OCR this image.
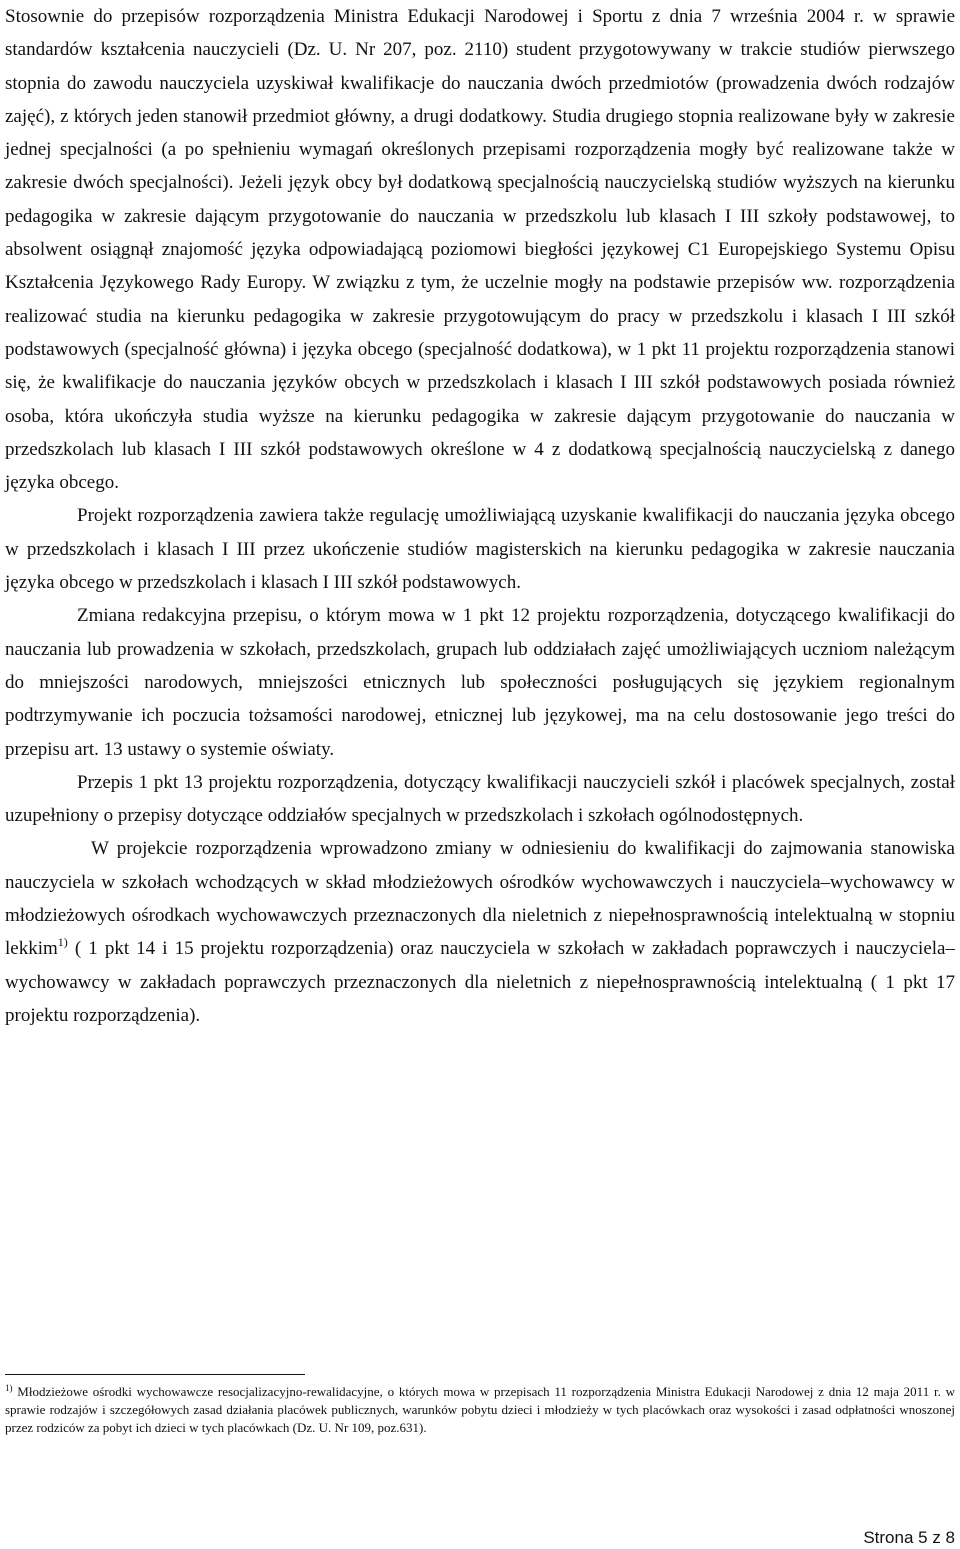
Stosownie do przepisów rozporządzenia Ministra Edukacji Narodowej i Sportu z dnia 7 września 2004 r. w sprawie standardów kształcenia nauczycieli (Dz. U. Nr 207, poz. 2110) student przygotowywany w trakcie studiów pierwszego stopnia do zawodu nauczyciela uzyskiwał kwalifikacje do nauczania dwóch przedmiotów (prowadzenia dwóch rodzajów zajęć), z których jeden stanowił przedmiot główny, a drugi dodatkowy. Studia drugiego stopnia realizowane były w zakresie jednej specjalności (a po spełnieniu wymagań określonych przepisami rozporządzenia mogły być realizowane także w zakresie dwóch specjalności). Jeżeli język obcy był dodatkową specjalnością nauczycielską studiów wyższych na kierunku pedagogika w zakresie dającym przygotowanie do nauczania w przedszkolu lub klasach I III szkoły podstawowej, to absolwent osiągnął znajomość języka odpowiadającą poziomowi biegłości językowej C1 Europejskiego Systemu Opisu Kształcenia Językowego Rady Europy. W związku z tym, że uczelnie mogły na podstawie przepisów ww. rozporządzenia realizować studia na kierunku pedagogika w zakresie przygotowującym do pracy w przedszkolu i klasach I III szkół podstawowych (specjalność główna) i języka obcego (specjalność dodatkowa), w 1 pkt 11 projektu rozporządzenia stanowi się, że kwalifikacje do nauczania języków obcych w przedszkolach i klasach I III szkół podstawowych posiada również osoba, która ukończyła studia wyższe na kierunku pedagogika w zakresie dającym przygotowanie do nauczania w przedszkolach lub klasach I III szkół podstawowych określone w 4 z dodatkową specjalnością nauczycielską z danego języka obcego.

Projekt rozporządzenia zawiera także regulację umożliwiającą uzyskanie kwalifikacji do nauczania języka obcego w przedszkolach i klasach I III przez ukończenie studiów magisterskich na kierunku pedagogika w zakresie nauczania języka obcego w przedszkolach i klasach I III szkół podstawowych.

Zmiana redakcyjna przepisu, o którym mowa w 1 pkt 12 projektu rozporządzenia, dotyczącego kwalifikacji do nauczania lub prowadzenia w szkołach, przedszkolach, grupach lub oddziałach zajęć umożliwiających uczniom należącym do mniejszości narodowych, mniejszości etnicznych lub społeczności posługujących się językiem regionalnym podtrzymywanie ich poczucia tożsamości narodowej, etnicznej lub językowej, ma na celu dostosowanie jego treści do przepisu art. 13 ustawy o systemie oświaty.

Przepis 1 pkt 13 projektu rozporządzenia, dotyczący kwalifikacji nauczycieli szkół i placówek specjalnych, został uzupełniony o przepisy dotyczące oddziałów specjalnych w przedszkolach i szkołach ogólnodostępnych.

W projekcie rozporządzenia wprowadzono zmiany w odniesieniu do kwalifikacji do zajmowania stanowiska nauczyciela w szkołach wchodzących w skład młodzieżowych ośrodków wychowawczych i nauczyciela–wychowawcy w młodzieżowych ośrodkach wychowawczych przeznaczonych dla nieletnich z niepełnosprawnością intelektualną w stopniu lekkim$^{1)}$ ( 1 pkt 14 i 15 projektu rozporządzenia) oraz nauczyciela w szkołach w zakładach poprawczych i nauczyciela–wychowawcy w zakładach poprawczych przeznaczonych dla nieletnich z niepełnosprawnością intelektualną ( 1 pkt 17 projektu rozporządzenia).

$^{1)}$ Młodzieżowe ośrodki wychowawcze resocjalizacyjno-rewalidacyjne, o których mowa w przepisach 11 rozporządzenia Ministra Edukacji Narodowej z dnia 12 maja 2011 r. w sprawie rodzajów i szczegółowych zasad działania placówek publicznych, warunków pobytu dzieci i młodzieży w tych placówkach oraz wysokości i zasad odpłatności wnoszonej przez rodziców za pobyt ich dzieci w tych placówkach (Dz. U. Nr 109, poz.631).

Strona 5 z 8
